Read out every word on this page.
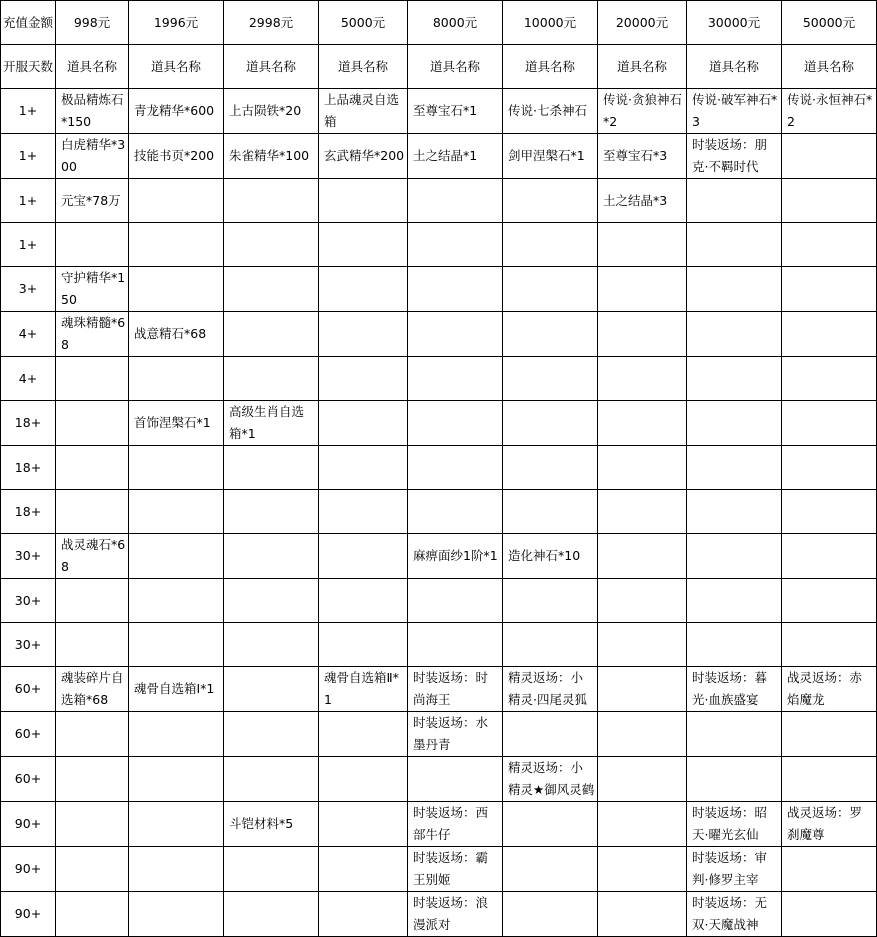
充值金额	998元	1996元	2998元	5000元	8000元	10000元	20000元	30000元	50000元
开服天数	道具名称	道具名称	道具名称	道具名称	道具名称	道具名称	道具名称	道具名称	道具名称
1+	极品精炼石*150	青龙精华*600	上古陨铁*20	上品魂灵自选箱	至尊宝石*1	传说·七杀神石	传说·贪狼神石*2	传说·破军神石*3	传说·永恒神石*2
1+	白虎精华*300	技能书页*200	朱雀精华*100	玄武精华*200	土之结晶*1	剑甲涅槃石*1	至尊宝石*3	时装返场：朋克·不羁时代	
1+	元宝*78万						土之结晶*3		
1+									
3+	守护精华*150								
4+	魂珠精髓*68	战意精石*68							
4+									
18+		首饰涅槃石*1	高级生肖自选箱*1						
18+									
18+									
30+	战灵魂石*68				麻痹面纱1阶*1	造化神石*10			
30+									
30+									
60+	魂装碎片自选箱*68	魂骨自选箱Ⅰ*1		魂骨自选箱Ⅱ*1	时装返场：时尚海王	精灵返场：小精灵·四尾灵狐		时装返场：暮光·血族盛宴	战灵返场：赤焰魔龙
60+					时装返场：水墨丹青				
60+						精灵返场：小精灵★御风灵鹤			
90+			斗铠材料*5		时装返场：西部牛仔			时装返场：昭天·曜光玄仙	战灵返场：罗刹魔尊
90+					时装返场：霸王别姬			时装返场：审判·修罗主宰	
90+					时装返场：浪漫派对			时装返场：无双·天魔战神	
